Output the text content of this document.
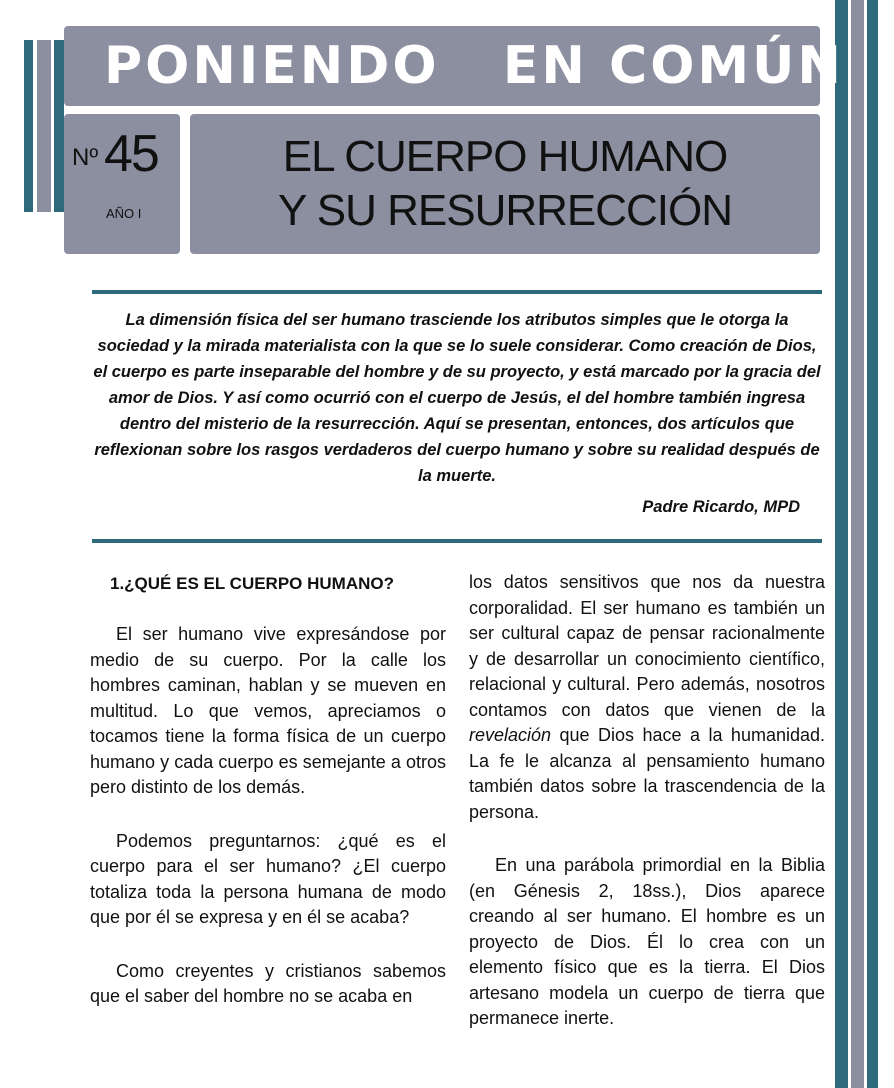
PONIENDO   EN COMÚN
Nº 45
AÑO I
EL CUERPO HUMANO
Y SU RESURRECCIÓN
La dimensión física del ser humano trasciende los atributos simples que le otorga la sociedad y la mirada materialista con la que se lo suele considerar. Como creación de Dios, el cuerpo es parte inseparable del hombre y de su proyecto, y está marcado por la gracia del amor de Dios. Y así como ocurrió con el cuerpo de Jesús, el del hombre también ingresa dentro del misterio de la resurrección. Aquí se presentan, entonces, dos artículos que reflexionan sobre los rasgos verdaderos del cuerpo humano y sobre su realidad después de la muerte.
Padre Ricardo, MPD
1.¿QUÉ ES EL CUERPO HUMANO?

El ser humano vive expresándose por medio de su cuerpo. Por la calle los hombres caminan, hablan y se mueven en multitud. Lo que vemos, apreciamos o tocamos tiene la forma física de un cuerpo humano y cada cuerpo es semejante a otros pero distinto de los demás.

Podemos preguntarnos: ¿qué es el cuerpo para el ser humano? ¿El cuerpo totaliza toda la persona humana de modo que por él se expresa y en él se acaba?

Como creyentes y cristianos sabemos que el saber del hombre no se acaba en

los datos sensitivos que nos da nuestra corporalidad. El ser humano es también un ser cultural capaz de pensar racionalmente y de desarrollar un conocimiento científico, relacional y cultural. Pero además, nosotros contamos con datos que vienen de la revelación que Dios hace a la humanidad. La fe le alcanza al pensamiento humano también datos sobre la trascendencia de la persona.

En una parábola primordial en la Biblia (en Génesis 2, 18ss.), Dios aparece creando al ser humano. El hombre es un proyecto de Dios. Él lo crea con un elemento físico que es la tierra. El Dios artesano modela un cuerpo de tierra que permanece inerte.
